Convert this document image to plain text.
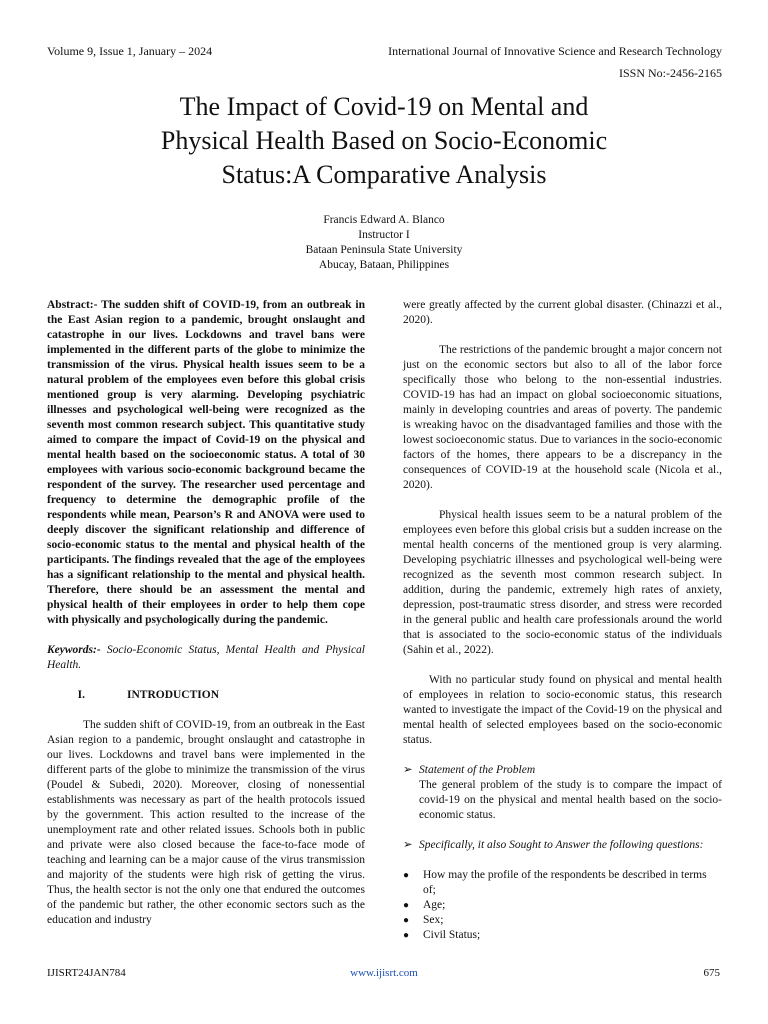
Volume 9, Issue 1, January – 2024	International Journal of Innovative Science and Research Technology
ISSN No:-2456-2165
The Impact of Covid-19 on Mental and
Physical Health Based on Socio-Economic
Status:A Comparative Analysis
Francis Edward A. Blanco
Instructor I
Bataan Peninsula State University
Abucay, Bataan, Philippines

Abstract:- The sudden shift of COVID-19, from an outbreak in the East Asian region to a pandemic, brought onslaught and catastrophe in our lives. Lockdowns and travel bans were implemented in the different parts of the globe to minimize the transmission of the virus. Physical health issues seem to be a natural problem of the employees even before this global crisis mentioned group is very alarming. Developing psychiatric illnesses and psychological well-being were recognized as the seventh most common research subject. This quantitative study aimed to compare the impact of Covid-19 on the physical and mental health based on the socioeconomic status. A total of 30 employees with various socio-economic background became the respondent of the survey. The researcher used percentage and frequency to determine the demographic profile of the respondents while mean, Pearson’s R and ANOVA were used to deeply discover the significant relationship and difference of socio-economic status to the mental and physical health of the participants. The findings revealed that the age of the employees has a significant relationship to the mental and physical health. Therefore, there should be an assessment the mental and physical health of their employees in order to help them cope with physically and psychologically during the pandemic.

Keywords:- Socio-Economic Status, Mental Health and Physical Health.

I.	INTRODUCTION

The sudden shift of COVID-19, from an outbreak in the East Asian region to a pandemic, brought onslaught and catastrophe in our lives. Lockdowns and travel bans were implemented in the different parts of the globe to minimize the transmission of the virus (Poudel & Subedi, 2020). Moreover, closing of nonessential establishments was necessary as part of the health protocols issued by the government. This action resulted to the increase of the unemployment rate and other related issues. Schools both in public and private were also closed because the face-to-face mode of teaching and learning can be a major cause of the virus transmission and majority of the students were high risk of getting the virus. Thus, the health sector is not the only one that endured the outcomes of the pandemic but rather, the other economic sectors such as the education and industry

were greatly affected by the current global disaster. (Chinazzi et al., 2020).

The restrictions of the pandemic brought a major concern not just on the economic sectors but also to all of the labor force specifically those who belong to the non-essential industries. COVID-19 has had an impact on global socioeconomic situations, mainly in developing countries and areas of poverty. The pandemic is wreaking havoc on the disadvantaged families and those with the lowest socioeconomic status. Due to variances in the socio-economic factors of the homes, there appears to be a discrepancy in the consequences of COVID-19 at the household scale (Nicola et al., 2020).

Physical health issues seem to be a natural problem of the employees even before this global crisis but a sudden increase on the mental health concerns of the mentioned group is very alarming. Developing psychiatric illnesses and psychological well-being were recognized as the seventh most common research subject. In addition, during the pandemic, extremely high rates of anxiety, depression, post-traumatic stress disorder, and stress were recorded in the general public and health care professionals around the world that is associated to the socio-economic status of the individuals (Sahin et al., 2022).

With no particular study found on physical and mental health of employees in relation to socio-economic status, this research wanted to investigate the impact of the Covid-19 on the physical and mental health of selected employees based on the socio-economic status.

➢ Statement of the Problem

The general problem of the study is to compare the impact of covid-19 on the physical and mental health based on the socio-economic status.

➢ Specifically, it also Sought to Answer the following questions:
●	How may the profile of the respondents be described in terms of;
●	Age;
●	Sex;
●	Civil Status;
IJISRT24JAN784	www.ijisrt.com	675
